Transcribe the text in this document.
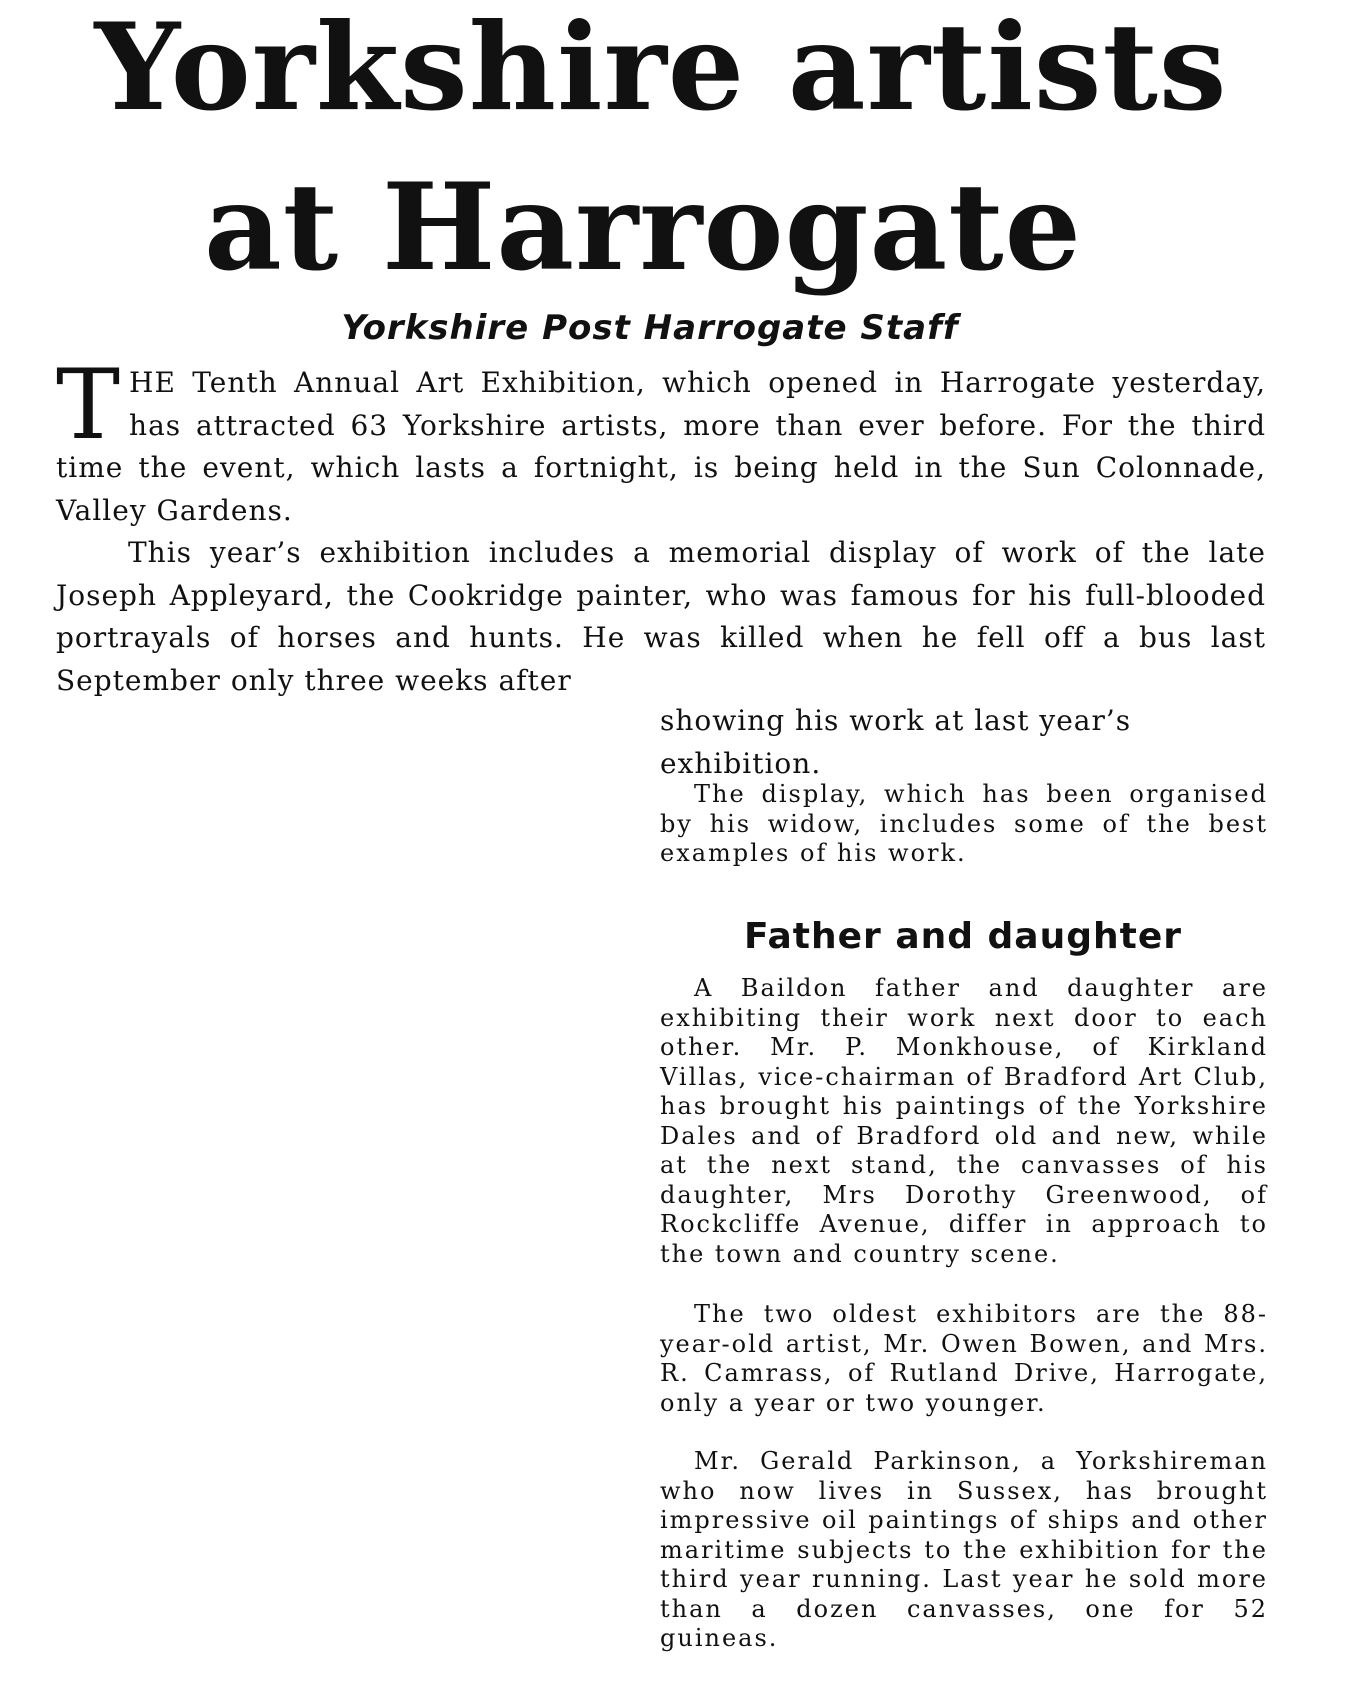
Yorkshire artists
at Harrogate
Yorkshire Post Harrogate Staff

THE Tenth Annual Art Exhibition, which opened in Harrogate yesterday, has attracted 63 Yorkshire artists, more than ever before. For the third time the event, which lasts a fortnight, is being held in the Sun Colonnade, Valley Gardens.

This year’s exhibition includes a memorial display of work of the late Joseph Appleyard, the Cookridge painter, who was famous for his full-blooded portrayals of horses and hunts. He was killed when he fell off a bus last September only three weeks after

showing his work at last year’s exhibition.

The display, which has been organised by his widow, includes some of the best examples of his work.

Father and daughter

A Baildon father and daughter are exhibiting their work next door to each other. Mr. P. Monkhouse, of Kirkland Villas, vice-chairman of Bradford Art Club, has brought his paintings of the Yorkshire Dales and of Bradford old and new, while at the next stand, the canvasses of his daughter, Mrs Dorothy Greenwood, of Rockcliffe Avenue, differ in approach to the town and country scene.

The two oldest exhibitors are the 88-year-old artist, Mr. Owen Bowen, and Mrs. R. Camrass, of Rutland Drive, Harrogate, only a year or two younger.

Mr. Gerald Parkinson, a Yorkshireman who now lives in Sussex, has brought impressive oil paintings of ships and other maritime subjects to the exhibition for the third year running. Last year he sold more than a dozen canvasses, one for 52 guineas.
